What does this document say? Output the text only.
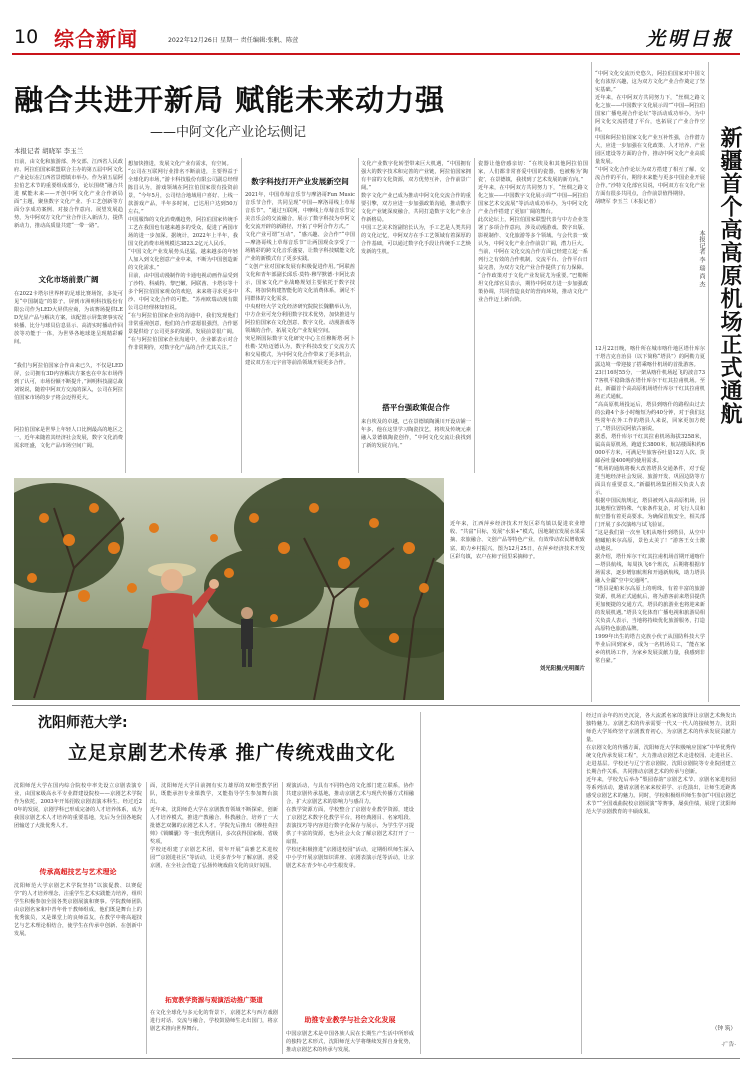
10 综合新闻	2022年12月26日 星期一 责任编辑:张帆、陈萱	光明日报
融合共进开新局 赋能未来动力强
——中阿文化产业论坛侧记
本报记者 胡晓军 李玉兰
日前，由文化和旅游部、外交部、江西省人民政府、阿拉伯国家联盟联合主办的第五届中阿文化产业论坛在江西省景德镇市举办。作为第五届阿拉伯艺术节的重要组成部分，论坛围绕“融合共进 赋能未来——开创中阿文化产业合作新局面”主题，聚焦数字文化产业、手工艺创新等方面分享成功案例、对接合作意向、展望发展趋势，为中阿双方文化产业合作注入新活力，提供新动力，推动高质量共建“一带一路”。
文化市场前景广阔
在2022卡塔尔世界杯的足球比赛场馆，多处可见“中国制造”的影子。屏到市洲明科技股份有限公司作为LED大屏供应商，为该赛场提供LED光显产品与解决方案。该配置示屏集赛事实况转播、比分与球员信息显示、高清实时播动作回放等功能于一体，为世界各地球迷呈现精彩瞬间。
“我们与阿拉伯国家合作由来已久，不仅是LED屏，公司拥有3D内容解决方案也在中东市场得到了认可，市场份额不断提升，”洲明科技副总裁刘锐说，随着中阿双方交流的深入，公司在阿拉伯国家市场的步子将会迈得更大。
阿拉伯国家是世界上年轻人口比例最高的地区之一，近年来随着其经济社会发展，数字文化消费需求旺盛，文化产品市场空间广阔。
想加快推进，发展文化产业有需求，有空间。
“公司在互联网行业排名不断前进，主要得益于全球化的市场，”游卡科技股份有限公司副总经理陈昌认为，游戏领域在阿拉伯国家很有投资前景，“今年5月，公司结合地域用户喜好、上线一款游戏产品，半年多时间，已达用户达到50万左右。”
中国服饰的文化消费潮趋势，阿拉伯国家传统手工艺在我国也有越来越多的受众，促进了两国市场的进一步加深。据统计，2022年上半年，我国文化消费市场规模达3823.2亿元人民币。
“中国文化产业发展势头迅猛，越来越多的年轻人加入到文化创意产业中来，不断为中国创造新的文化需求。”
目前，由中国动漫制作的卡通电视动画作品受到了沙特、科威特、黎巴嫩、阿联酋、卡塔尔等十多个阿拉伯国家观众的欢迎，来来将寻求更多中沙、中阿文化合作的可能。“苏州欧瑞动漫有限公司总经理林知恒说。
“在与阿拉伯国家企业的沟通中，我们发现他们非常重视创意，他们的合作意愿很强烈，合作愿景提供给了公司更多的资源，发展前景很广阔。
“在与阿拉伯国家企业沟通中，企业都表示对合作非常期待，对数字化产品的合作尤其关注。”
数字科技打开产业发展新空间
2021年，中国草莓音乐节与摩洛哥Fun Music音乐节合作，共同呈现“中国—摩洛哥线上草莓音乐节”。“通过互联网，中摩线上草莓音乐节完美音乐会的交流融合，展示了数字科技为中阿文化交流开辟的新路径，开拓了中阿合作方式。”
文化产业可谓“互动”，“感兴趣、会合作”“中国—摩洛哥线上草莓音乐节”让两国观众享受了一场精彩的跨文化音乐盛宴，让数字科技赋能文化产业的新模式有了更多实践。
“文创产业对国家发展有积极促进作用。”阿联酋文化和青年部副长邱乐·莫特·穆罕默德·卡阿比表示，国家文化产业战略规划主要依托于数字技术，将加快构建智能化的文化消费体系，满足不同群体的文化需求。
中央财经大学文化经济研究院院长魏鹏举认为，中方企业可充分利用数字技术优势，加快推进与阿拉伯国家在文化创意、数字文化、动漫游戏等领域的合作，拓展文化产业发展空间。
突尼斯国际数字文化研究中心主任穆斯塔·阿卜杜勒·艾哈迈德认为，数字科技改变了交流方式和交易模式，为中阿文化合作带来了更多机会，建议双方在元宇宙等前沿领域开展更多合作。
文化产业数字化转型带来巨大机遇，“中国拥有强大的数字技术和完善的产业链，阿拉伯国家拥有丰富的文化资源，双方优势互补，合作前景广阔。”
数字文化产业已成为推动中阿文化交流合作的重要引擎，双方应进一步加强政策沟通，推动数字文化产业链深度融合，共同打造数字文化产业合作新格局。
中国工艺美术馆副馆长认为，手工艺是人类共同的文化记忆，中阿双方在手工艺领域有着深厚的合作基础，可以通过数字化手段让传统手工艺焕发新的生机。
搭平台强政策促合作
来自埃及的卓越，已在景德镇陶溪川开设店铺一年多，他在这里学习陶瓷技艺，将埃及传统元素融入景德镇陶瓷创作，“中阿文化交流让我找到了新的发展方向。”
瓷器让他倍感亲切：“在埃及和其他阿拉伯国家，人们都非常喜爱中国的瓷器，也被称为‘陶瓷’，在景德镇，我找到了艺术发展的新方向。”
近年来，在中阿双方共同努力下，“丝绸之路文化之旅——中国数字文化展示周”“中国—阿拉伯国家艺术交流展”等活动成功举办，为中阿文化产业合作搭建了更加广阔的舞台。
此次论坛上，阿拉伯国家联盟代表与中方企业签署了多项合作意向，涉及动漫游戏、数字出版、影视制作、文化旅游等多个领域。与会代表一致认为，中阿文化产业合作前景广阔，潜力巨大。
当前，中阿在文化交流合作方面已经建立起一系列行之有效的合作机制，交流平台、合作平台日益完善，为双方文化产业合作提供了有力保障。
“合作政策对于文化产业发展尤为重要。”巴勒斯坦文化部官员表示，期待中阿双方进一步加强政策协调，共同营造良好的营商环境，推动文化产业合作迈上新台阶。
“中阿文化交流历史悠久，阿拉伯国家对中国文化有浓厚兴趣，这为双方文化产业合作奠定了坚实基础。”
近年来，在中阿双方共同努力下，“丝绸之路文化之旅——中国数字文化展示周”“中国—阿拉伯国家广播电视合作论坛”等活动成功举办，为中阿文化交流搭建了平台，也拓展了产业合作空间。
中国和阿拉伯国家文化产业互补性强，合作潜力大，应进一步加强在文化政策、人才培养、产业园区建设等方面的合作，推动中阿文化产业高质量发展。
“中阿文化合作论坛为双方搭建了相互了解、交流合作的平台，期待未来能与更多中国企业开展合作。”沙特文化部官员说，中阿双方在文化产业方面有很多共同点，合作前景值得期待。
胡晓军 李玉兰（本报记者）
近年来，江西萍乡经济技术开发区彩鸟镇以促进农业增收、“共富”目标，发展“水果+”模式，因地制宜发展水果采摘、农旅融合、文创产品等特色产业，有效带动农民增收致富，助力乡村振兴。图为12月25日，在萍乡经济技术开发区彩鸟镇，农户在柿子园里采摘柿子。
刘光阳摄/光明图片
新疆首个高高原机场正式通航
本报记者 李 瑞 尚 杰
12月22日晚，喀什所在城市喀什地区塔什库尔干塔吉克自治县（以下简称“塔县”）的阿勒力夏露边境一带迎接了搭乘喀什机场的首批游客。
23日16时55分，一架从喀什机场起飞的波音737客机平稳降落在塔什库尔干红其拉甫机场。至此，新疆首个高高原机场塔什库尔干红其拉甫机场正式通航。
“高高原机场投运后，塔县到喀什的路程由过去的公路4个多小时缩短为约40分钟，对于我们这些常年在外工作的塔县人来说，回家更加方便了。”塔县居民阿依古丽说。
据悉，塔什库尔干红其拉甫机场海拔3258米，属高高原机场，跑道长3800米，航站楼面积约6000平方米，可满足年旅客吞吐量12万人次、货邮吞吐量400吨的使用需求。
“机场的通航将极大改善塔县交通条件，对于促进当地经济社会发展、旅游开发、巩固边防等方面具有重要意义。”新疆机场集团相关负责人表示。
根据中国民航规定，塔县被列入高高原机场，因其地理位置特殊、气象条件复杂，对飞行人员和航空器有着更高要求。为确保首航安全，相关部门开展了多次演练与试飞验证。
“这是我们第一次坐飞机从喀什到塔县，从空中俯瞰帕米尔高原，景色太美了！”游客王女士激动地说。
据介绍，塔什库尔干红其拉甫机场首期开通喀什—塔县航线，每周执飞6个班次，后期将根据市场需求，逐步增加航班和开通新航线，助力塔县融入全疆“空中交通网”。
“塔县是帕米尔高原上的明珠，有着丰富的旅游资源，机场正式通航后，将为游客前来塔县提供更加便捷的交通方式，塔县的旅游业也将迎来新的发展机遇。”塔县文化体育广播电视和旅游局相关负责人表示，当地将持续优化旅游服务，打造高原特色旅游品牌。
1999年出生的塔吉克族小伙子从国防科技大学毕业后回到家乡，成为一名机场员工，“能在家乡的机场工作，为家乡发展贡献力量，我感到非常自豪。”
沈阳师范大学:
立足京剧艺术传承 推广传统戏曲文化
沈阳师范大学在国内综合院校中率先设立京剧表演专业，由国家级高水平专业群建设院校——京剧艺术学院作为依托，2003年开始招收京剧表演本科生。经过近20年的发展，京剧学科已形成完备的人才培养体系，成为我国京剧艺术人才培养的重要基地，先后为全国各地院团输送了大批优秀人才。
传承高超技艺与艺术理论
沈阳师范大学京剧艺术学院坚持“以演促教、以赛促学”的人才培养理念，注重学生艺术实践能力培养，组织学生积极参加全国各类京剧展演和赛事。学院教师团队由京剧名家和中青年骨干教师组成，他们既是舞台上的优秀演员，又是课堂上的良师益友，在教学中将高超技艺与艺术理论相结合，使学生在传承中创新、在创新中发展。
面，沈阳师范大学目前拥有实力雄厚的双师型教学团队，既能承担专业课教学，又能指导学生参加舞台演出。
近年来，沈阳师范大学在京剧教育领域不断探索，创新人才培养模式，推进产教融合、科教融合，培养了一大批德艺双馨的京剧艺术人才。学院先后推出《穆桂英挂帅》《锁麟囊》等一批优秀剧目，多次获得国家级、省级奖项。
学校还组建了京剧艺术团，常年开展“高雅艺术进校园”“京剧进社区”等活动，让更多青少年了解京剧、喜爱京剧，在全社会营造了弘扬传统戏曲文化的良好氛围。
拓宽教学资源与观演活动推广渠道
在文化全球化与多元化的背景下，京剧艺术与西方戏剧进行对话、交流与融合，学校鼓励师生走出国门，将京剧艺术推向世界舞台。
观演活动，与具有不同特色的文化部门建立联系，协作共建京剧传承基地，推动京剧艺术与现代传播方式相融合，扩大京剧艺术的影响力与感召力。
在教学资源方面，学校整合了京剧专业教学资源，建设了京剧艺术数字化教学平台，将经典剧目、名家唱段、表演技巧等内容进行数字化保存与展示，为学生学习提供了丰富的资源，也为社会大众了解京剧艺术打开了一扇窗。
学校还积极推进“京剧进校园”活动，定期组织师生深入中小学开展京剧知识讲座、京剧表演示范等活动，让京剧艺术在青少年心中生根发芽。
助推专业教学与社会文化发展
中国京剧艺术是中国各族人民在长期生产生活中所形成的独特艺术形式，沈阳师范大学将继续发挥自身优势，推动京剧艺术的传承与发展。
经过百余年的历史沉淀，各大流派名家的演绎让京剧艺术焕发出独特魅力。京剧艺术的传承需要一代又一代人的接续努力，沈阳师范大学始终坚守京剧教育初心，为京剧艺术的传承发展贡献力量。
在京剧文化的传播方面，沈阳师范大学积极响应国家“中华优秀传统文化传承发展工程”，大力推动京剧艺术走进校园、走进社区、走进基层。学校还与辽宁省京剧院、沈阳京剧院等专业院团建立长期合作关系，共同推动京剧艺术的传承与创新。
近年来，学校先后举办“梨园春韵”京剧艺术节、京剧名家进校园等系列活动，邀请京剧名家来校讲学、示范演出，让师生近距离感受京剧艺术的魅力。同时，学校积极组织师生参加“中国京剧艺术节”“全国戏曲院校京剧展演”等赛事，屡获佳绩，展现了沈阳师范大学京剧教育的丰硕成果。
（钟 筑）
·广告·
